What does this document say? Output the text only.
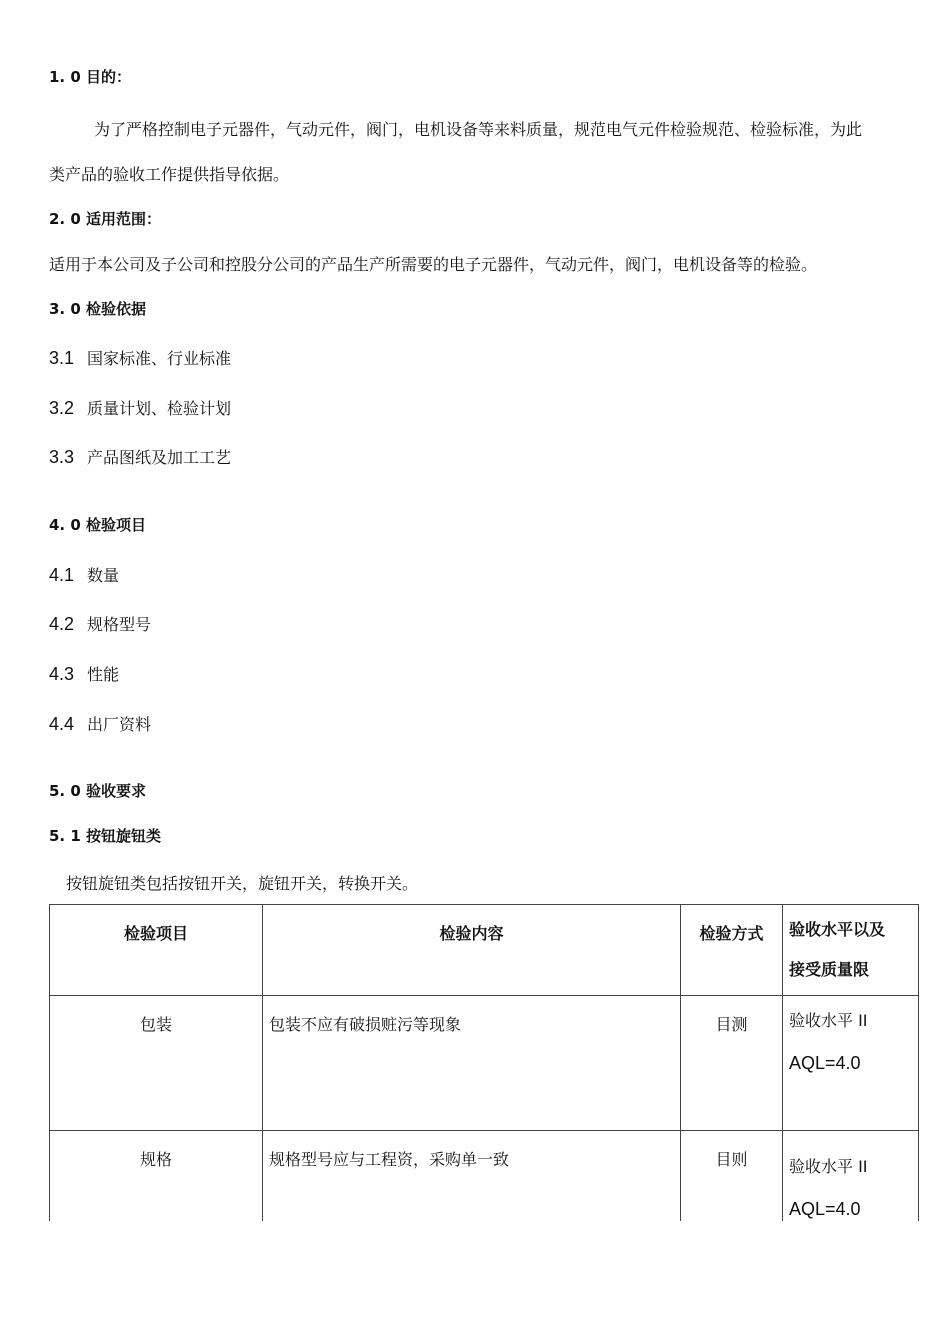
1. 0 目的：
为了严格控制电子元器件，气动元件，阀门，电机设备等来料质量，规范电气元件检验规范、检验标准，为此
类产品的验收工作提供指导依据。
2. 0 适用范围：
适用于本公司及子公司和控股分公司的产品生产所需要的电子元器件，气动元件，阀门，电机设备等的检验。
3. 0 检验依据
3.1 国家标准、行业标准
3.2 质量计划、检验计划
3.3 产品图纸及加工工艺
4. 0 检验项目
4.1 数量
4.2 规格型号
4.3 性能
4.4 出厂资料
5. 0 验收要求
5. 1 按钮旋钮类
按钮旋钮类包括按钮开关，旋钮开关，转换开关。
检验项目	检验内容	检验方式	验收水平以及
接受质量限

包装	包装不应有破损赃污等现象	目测	验收水平 II
AQL=4.0

规格	规格型号应与工程资，采购单一致	目则	验收水平 II
AQL=4.0
